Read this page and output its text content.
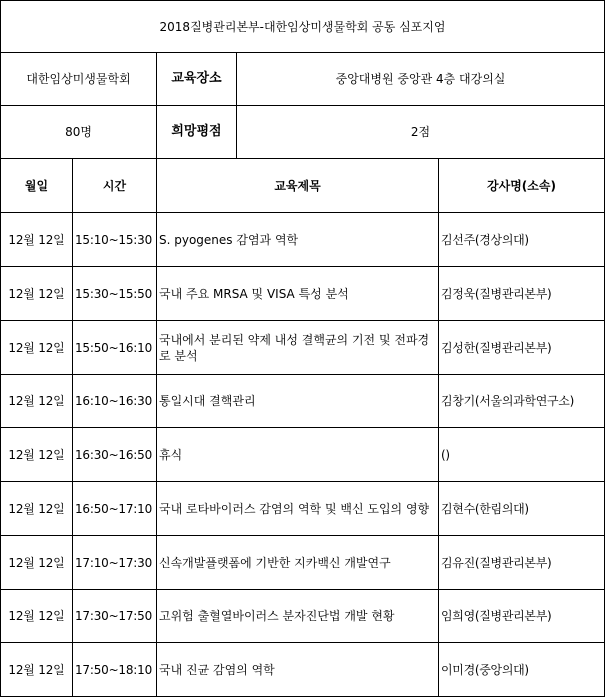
2018질병관리본부-대한임상미생물학회 공동 심포지엄			
대한임상미생물학회		교육장소 중앙대병원 중앙관 4층 대강의실	

80명		희망평점 2점	

월일	시간	교육제목	강사명(소속)
12월 12일	15:10~15:30	S. pyogenes 감염과 역학	김선주(경상의대)
12월 12일	15:30~15:50	국내 주요 MRSA 및 VISA 특성 분석	김정욱(질병관리본부)
12월 12일	15:50~16:10	국내에서 분리된 약제 내성 결핵균의 기전 및 전파경로 분석	김성한(질병관리본부)
12월 12일	16:10~16:30	통일시대 결핵관리	김창기(서울의과학연구소)
12월 12일	16:30~16:50	휴식	()
12월 12일	16:50~17:10	국내 로타바이러스 감염의 역학 및 백신 도입의 영향	김현수(한림의대)
12월 12일	17:10~17:30	신속개발플랫폼에 기반한 지카백신 개발연구	김유진(질병관리본부)
12월 12일	17:30~17:50	고위험 출혈열바이러스 분자진단법 개발 현황	임희영(질병관리본부)
12월 12일	17:50~18:10	국내 진균 감염의 역학	이미경(중앙의대)
